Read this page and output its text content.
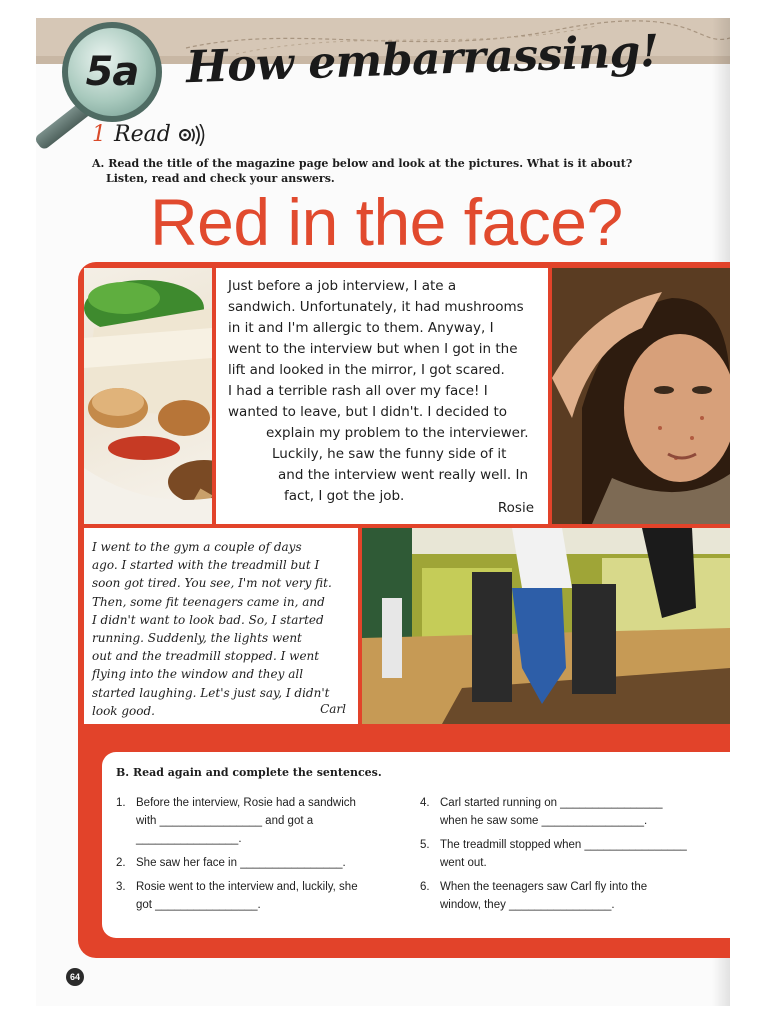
5a How embarrassing!
1 Read
A. Read the title of the magazine page below and look at the pictures. What is it about?
Listen, read and check your answers.
Red in the face?
Just before a job interview, I ate a
sandwich. Unfortunately, it had mushrooms
in it and I'm allergic to them. Anyway, I
went to the interview but when I got in the
lift and looked in the mirror, I got scared.
I had a terrible rash all over my face! I
wanted to leave, but I didn't. I decided to
explain my problem to the interviewer.
Luckily, he saw the funny side of it
and the interview went really well. In
fact, I got the job.
Rosie
I went to the gym a couple of days
ago. I started with the treadmill but I
soon got tired. You see, I'm not very fit.
Then, some fit teenagers came in, and
I didn't want to look bad. So, I started
running. Suddenly, the lights went
out and the treadmill stopped. I went
flying into the window and they all
started laughing. Let's just say, I didn't
look good.	Carl
B. Read again and complete the sentences.
1. Before the interview, Rosie had a sandwich
with ________________ and got a
________________.
2. She saw her face in ________________.
3. Rosie went to the interview and, luckily, she
got ________________.
4. Carl started running on ________________
when he saw some ________________.
5. The treadmill stopped when ________________
went out.
6. When the teenagers saw Carl fly into the
window, they ________________.
64
